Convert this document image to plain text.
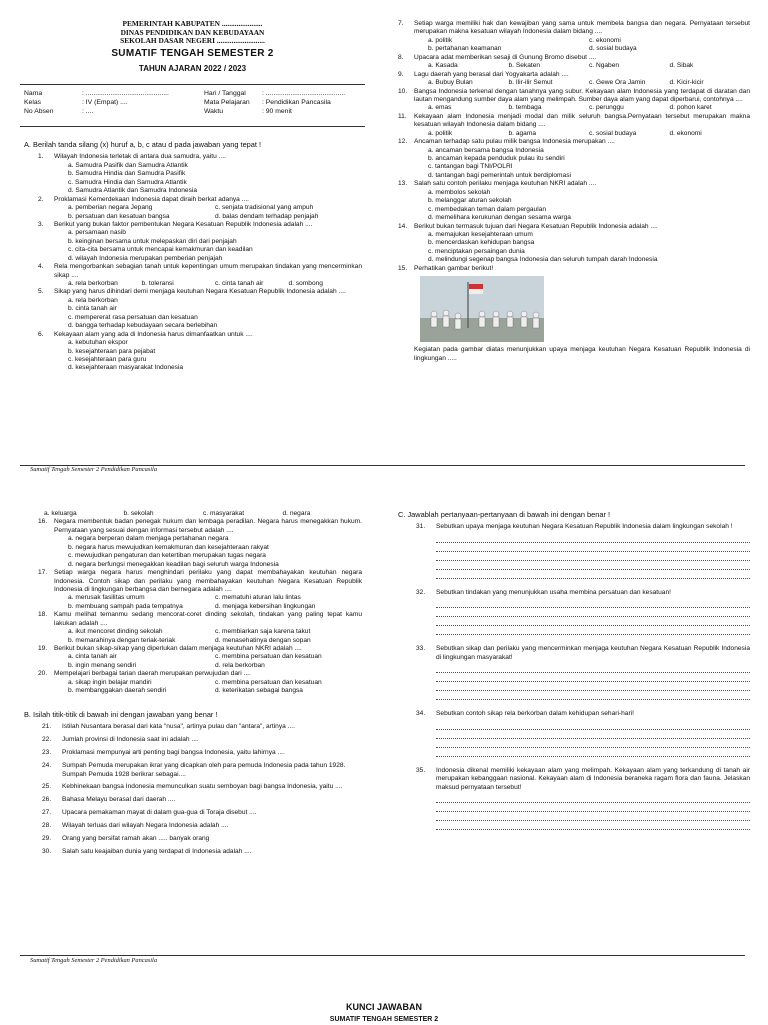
PEMERINTAH KABUPATEN ......................
DINAS PENDIDIKAN DAN KEBUDAYAAN
SEKOLAH DASAR NEGERI ..........................
SUMATIF TENGAH SEMESTER 2
TAHUN AJARAN 2022 / 2023
Nama	: ............................................	Hari / Tanggal	: ..........................................
Kelas	: IV (Empat) ....	Mata Pelajaran	: Pendidikan Pancasila
No Absen	: ....	Waktu	: 90 menit
A. Berilah tanda silang (x) huruf a, b, c atau d pada jawaban yang tepat !
1.	Wilayah Indonesia terletak di antara dua samudra, yaitu ....
a. Samudra Pasifik dan Samudra Atlantik
b. Samudra Hindia dan Samudra Pasifik
c. Samudra Hindia dan Samudra Atlantik
d. Samudra Atlantik dan Samudra Indonesia
2.	Proklamasi Kemerdekaan Indonesia dapat diraih berkat adanya ....
a. pemberian negara Jepang	c. senjata tradisional yang ampuh
b. persatuan dan kesatuan bangsa	d. balas dendam terhadap penjajah
3.	Berikut yang bukan faktor pembentukan Negara Kesatuan Republik Indonesia adalah ....
a. persamaan nasib
b. keinginan bersama untuk melepaskan diri dari penjajah
c. cita-cita bersama untuk mencapai kemakmuran dan keadilan
d. wilayah Indonesia merupakan pemberian penjajah
4.	Rela mengorbankan sebagian tanah untuk kepentingan umum merupakan tindakan yang mencerminkan sikap ....
a. rela berkorban	b. toleransi	c. cinta tanah air	d. sombong
5.	Sikap yang harus dihindari demi menjaga keutuhan Negara Kesatuan Republik Indonesia adalah ....
a. rela berkorban
b. cinta tanah air
c. mempererat rasa persatuan dan kesatuan
d. bangga terhadap kebudayaan secara berlebihan
6.	Kekayaan alam yang ada di Indonesia harus dimanfaatkan untuk ....
a. kebutuhan ekspor
b. kesejahteraan para pejabat
c. kesejahteraan para guru
d. kesejahteraan masyarakat Indonesia
7.	Setiap warga memiliki hak dan kewajiban yang sama untuk membela bangsa dan negara. Pernyataan tersebut merupakan makna kesatuan wilayah Indonesia dalam bidang ....
a. politik	c. ekonomi
b. pertahanan keamanan	d. sosial budaya
8.	Upacara adat memberikan sesaji di Gunung Bromo disebut ....
a. Kasada	b. Sekaten	c. Ngaben	d. Sibak
9.	Lagu daerah yang berasal dari Yogyakarta adalah ....
a. Bubuy Bulan	b. Ilir-ilir Semut	c. Gewe Ora Jamin	d. Kicir-kicir
10.	Bangsa Indonesia terkenal dengan tanahnya yang subur. Kekayaan alam Indonesia yang terdapat di daratan dan lautan mengandung sumber daya alam yang melimpah. Sumber daya alam yang dapat diperbarui, contohnya ....
a. emas	b. tembaga	c. perunggu	d. pohon karet
11.	Kekayaan alam Indonesia menjadi modal dan milik seluruh bangsa.Pernyataan tersebut merupakan makna kesatuan wilayah Indonesia dalam bidang ....
a. politik	b. agama	c. sosial budaya	d. ekonomi
12.	Ancaman terhadap satu pulau milik bangsa Indonesia merupakan ....
a. ancaman bersama bangsa Indonesia
b. ancaman kepada penduduk pulau itu sendiri
c. tantangan bagi TNI/POLRI
d. tantangan bagi pemerintah untuk berdiplomasi
13.	Salah satu contoh perilaku menjaga keutuhan NKRI adalah ....
a. membolos sekolah
b. melanggar aturan sekolah
c. membedakan teman dalam pergaulan
d. memelihara kerukunan dengan sesama warga
14.	Berikut bukan termasuk tujuan dari Negara Kesatuan Republik Indonesia adalah ....
a. memajukan kesejahteraan umum
b. mencerdaskan kehidupan bangsa
c. menciptakan persaingan dunia
d. melindungi segenap bangsa Indonesia dan seluruh tumpah darah Indonesia
15.	Perhatikan gambar berikut!
Kegiatan pada gambar diatas menunjukkan upaya menjaga keutuhan Negara Kesatuan Republik Indonesia di lingkungan .....
Sumatif Tengah Semester 2 Pendidikan Pancasila
a. keluarga	b. sekolah	c. masyarakat	d. negara
16.	Negara membentuk badan penegak hukum dan lembaga peradilan. Negara harus menegakkan hukum. Pernyataan yang sesuai dengan informasi tersebut adalah ....
a. negara berperan dalam menjaga pertahanan negara
b. negara harus mewujudkan kemakmuran dan kesejahteraan rakyat
c. mewujudkan pengaturan dan ketertiban merupakan tugas negara
d. negara berfungsi menegakkan keadilan bagi seluruh warga Indonesia
17.	Setiap warga negara harus menghindari perilaku yang dapat membahayakan keutuhan negara Indonesia. Contoh sikap dan perilaku yang membahayakan keutuhan Negara Kesatuan Republik Indonesia di lingkungan berbangsa dan bernegara adalah ....
a. merusak fasilitas umum	c. mematuhi aturan lalu lintas
b. membuang sampah pada tempatnya	d. menjaga kebersihan lingkungan
18.	Kamu melihat temanmu sedang mencorat-coret dinding sekolah, tindakan yang paling tepat kamu lakukan adalah ....
a. ikut mencoret dinding sekolah	c. membiarkan saja karena takut
b. memarahinya dengan teriak-teriak	d. menasehatinya dengan sopan
19.	Berikut bukan sikap-sikap yang diperlukan dalam menjaga keutuhan NKRI adalah ....
a. cinta tanah air	c. membina persatuan dan kesatuan
b. ingin menang sendiri	d. rela berkorban
20.	Mempelajari berbagai tarian daerah merupakan perwujudan dari ....
a. sikap ingin belajar mandiri	c. membina persatuan dan kesatuan
b. membanggakan daerah sendiri	d. keterikatan sebagai bangsa
B. Isilah titik-titik di bawah ini dengan jawaban yang benar !
21.	Istilah Nusantara berasal dari kata "nusa", artinya pulau dan "antara", artinya ....
22.	Jumlah provinsi di Indonesia saat ini adalah ....
23.	Proklamasi mempunyai arti penting bagi bangsa Indonesia, yaitu lahirnya ....
24.	Sumpah Pemuda merupakan ikrar yang dicapkan oleh para pemuda Indonesia pada tahun 1928. Sumpah Pemuda 1928 berikrar sebagai....
25.	Kebhinekaan bangsa Indonesia memunculkan suatu semboyan bagi bangsa Indonesia, yaitu ....
26.	Bahasa Melayu berasal dari daerah ....
27.	Upacara pemakaman mayat di dalam gua-gua di Toraja disebut ....
28.	Wilayah terluas dari wilayah Negara Indonesia adalah ....
29.	Orang yang bersifat ramah akan ..... banyak orang
30.	Salah satu keajaiban dunia yang terdapat di Indonesia adalah ....
C. Jawablah pertanyaan-pertanyaan di bawah ini dengan benar !
31.	Sebutkan upaya menjaga keutuhan Negara Kesatuan Republik Indonesia dalam lingkungan sekolah !
32.	Sebutkan tindakan yang menunjukkan usaha membina persatuan dan kesatuan!
33.	Sebutkan sikap dan perilaku yang mencerminkan menjaga keutuhan Negara Kesatuan Republik Indonesia di lingkungan masyarakat!
34.	Sebutkan contoh sikap rela berkorban dalam kehidupan sehari-hari!
35.	Indonesia dikenal memiliki kekayaan alam yang melimpah. Kekayaan alam yang terkandung di tanah air merupakan kebanggaan nasional. Kekayaan alam di Indonesia beraneka ragam flora dan fauna. Jelaskan maksud pernyataan tersebut!
Sumatif Tengah Semester 2 Pendidikan Pancasila
KUNCI JAWABAN
SUMATIF TENGAH SEMESTER 2
